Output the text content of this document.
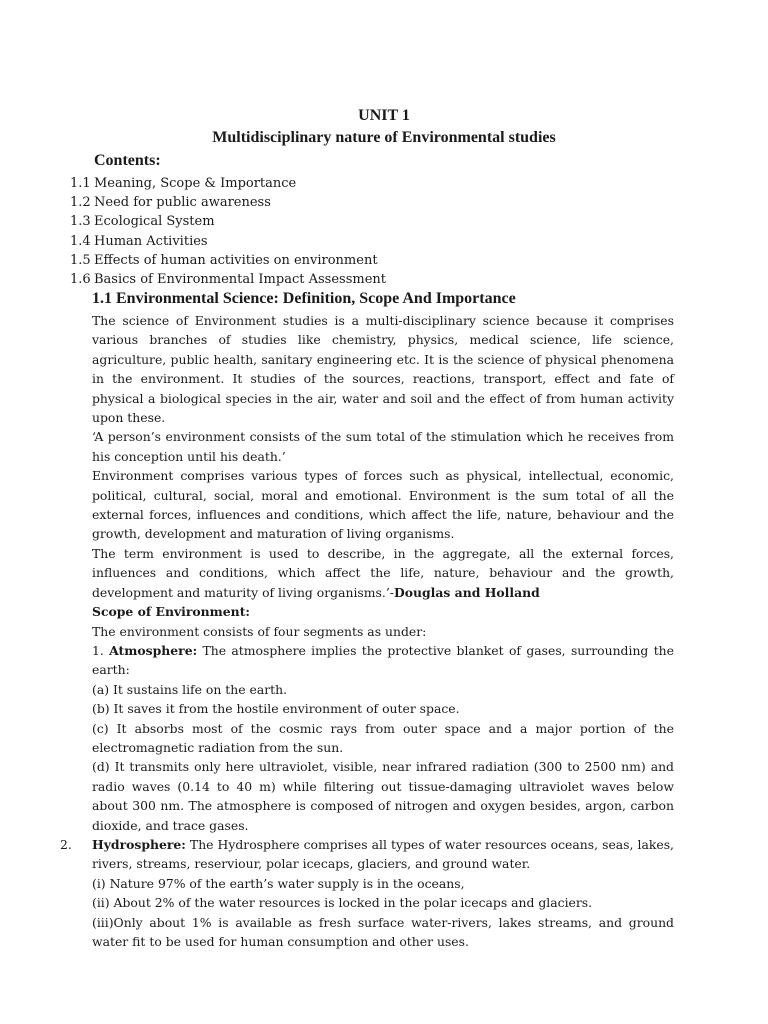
UNIT 1
Multidisciplinary nature of Environmental studies
Contents:
1.1 Meaning, Scope & Importance
1.2 Need for public awareness
1.3 Ecological System
1.4 Human Activities
1.5 Effects of human activities on environment
1.6 Basics of Environmental Impact Assessment
1.1 Environmental Science: Definition, Scope And Importance

The science of Environment studies is a multi-disciplinary science because it comprises various branches of studies like chemistry, physics, medical science, life science, agriculture, public health, sanitary engineering etc. It is the science of physical phenomena in the environment. It studies of the sources, reactions, transport, effect and fate of physical a biological species in the air, water and soil and the effect of from human activity upon these.

‘A person’s environment consists of the sum total of the stimulation which he receives from his conception until his death.’

Environment comprises various types of forces such as physical, intellectual, economic, political, cultural, social, moral and emotional. Environment is the sum total of all the external forces, influences and conditions, which affect the life, nature, behaviour and the growth, development and maturation of living organisms.

The term environment is used to describe, in the aggregate, all the external forces, influences and conditions, which affect the life, nature, behaviour and the growth, development and maturity of living organisms.’-Douglas and Holland

Scope of Environment:

The environment consists of four segments as under:

1. Atmosphere: The atmosphere implies the protective blanket of gases, surrounding the earth:

(a) It sustains life on the earth.

(b) It saves it from the hostile environment of outer space.

(c) It absorbs most of the cosmic rays from outer space and a major portion of the electromagnetic radiation from the sun.

(d) It transmits only here ultraviolet, visible, near infrared radiation (300 to 2500 nm) and radio waves (0.14 to 40 m) while filtering out tissue-damaging ultraviolet waves below about 300 nm. The atmosphere is composed of nitrogen and oxygen besides, argon, carbon dioxide, and trace gases.

2. Hydrosphere: The Hydrosphere comprises all types of water resources oceans, seas, lakes, rivers, streams, reserviour, polar icecaps, glaciers, and ground water.

(i) Nature 97% of the earth’s water supply is in the oceans,

(ii) About 2% of the water resources is locked in the polar icecaps and glaciers.

(iii)Only about 1% is available as fresh surface water-rivers, lakes streams, and ground water fit to be used for human consumption and other uses.
